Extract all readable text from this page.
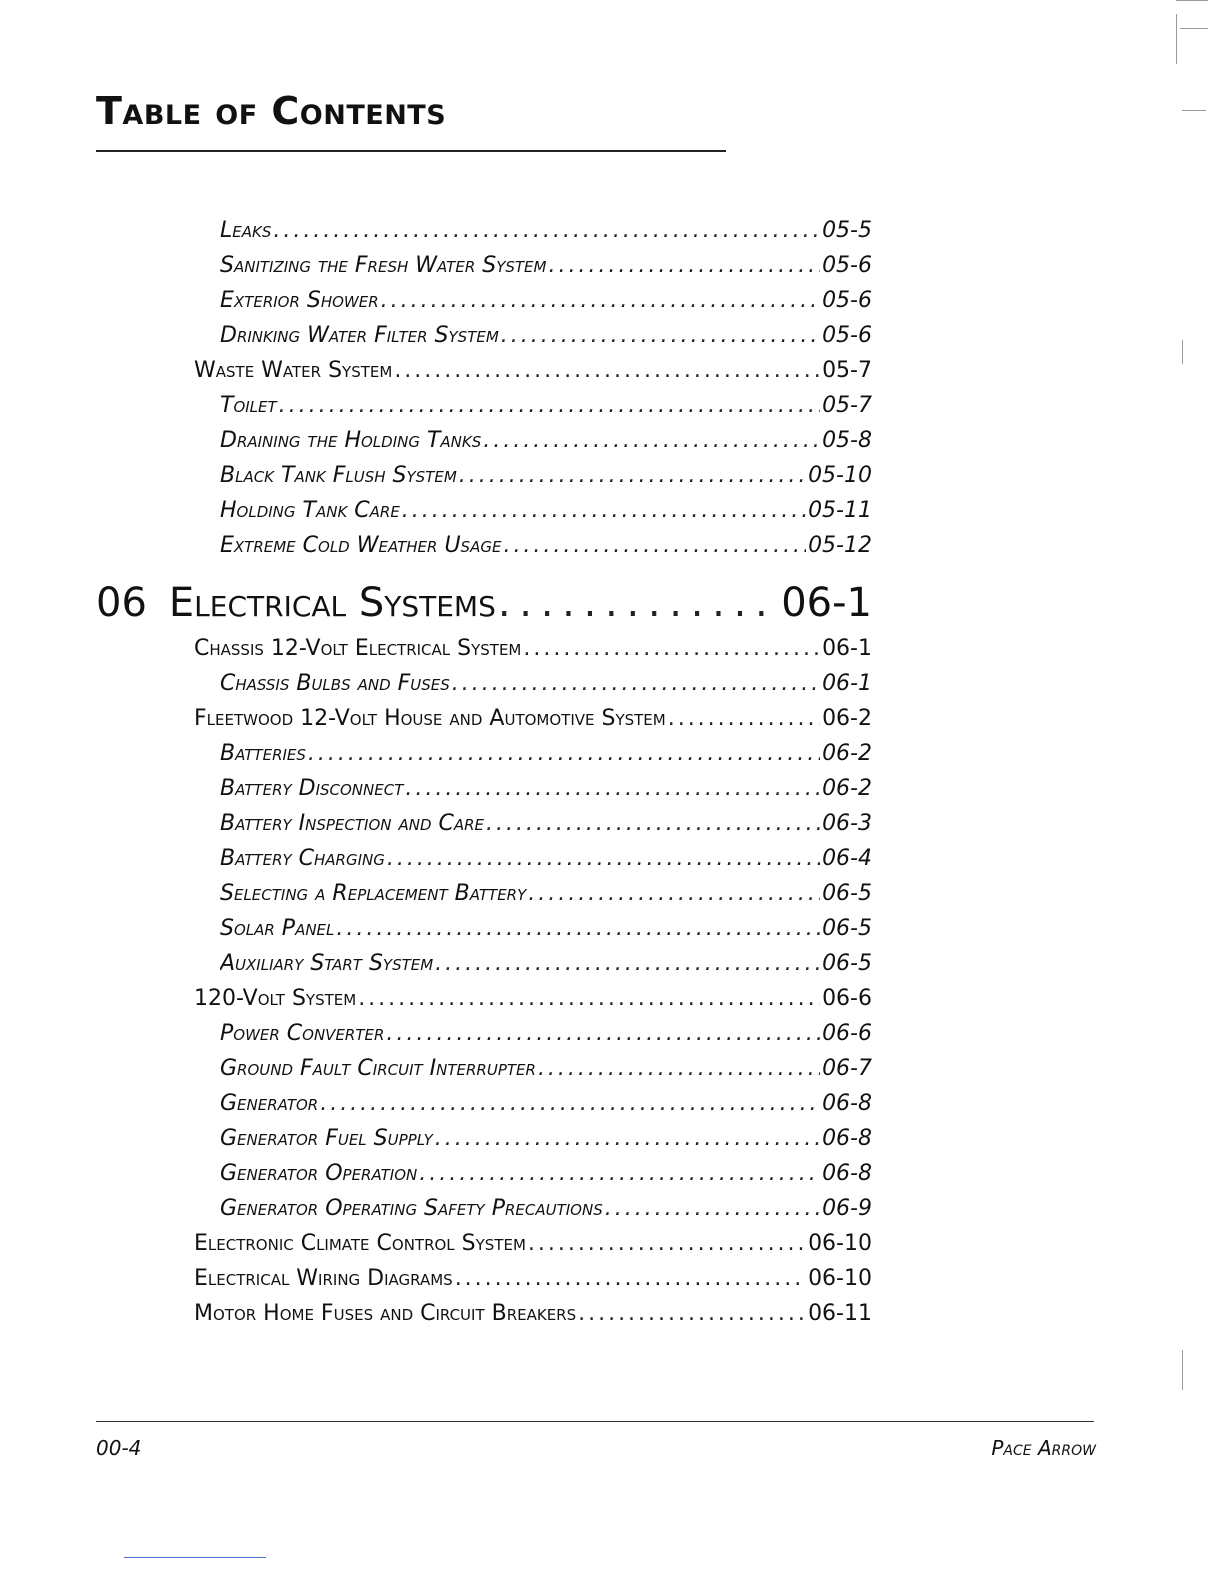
Table of Contents
Leaks . . .	05-5
Sanitizing the Fresh Water System . . .	05-6
Exterior Shower . . .	05-6
Drinking Water Filter System . . .	05-6
Waste Water System . . .	05-7
Toilet . . .	05-7
Draining the Holding Tanks . . .	05-8
Black Tank Flush System . . .	05-10
Holding Tank Care . . .	05-11
Extreme Cold Weather Usage . . .	05-12
06 Electrical Systems . . .	06-1
Chassis 12-Volt Electrical System . . .	06-1
Chassis Bulbs and Fuses . . .	06-1
Fleetwood 12-Volt House and Automotive System . . .	06-2
Batteries . . .	06-2
Battery Disconnect . . .	06-2
Battery Inspection and Care . . .	06-3
Battery Charging . . .	06-4
Selecting a Replacement Battery . . .	06-5
Solar Panel . . .	06-5
Auxiliary Start System . . .	06-5
120-Volt System . . .	06-6
Power Converter . . .	06-6
Ground Fault Circuit Interrupter . . .	06-7
Generator . . .	06-8
Generator Fuel Supply . . .	06-8
Generator Operation . . .	06-8
Generator Operating Safety Precautions . . .	06-9
Electronic Climate Control System . . .	06-10
Electrical Wiring Diagrams . . .	06-10
Motor Home Fuses and Circuit Breakers . . .	06-11
00-4	Pace Arrow
